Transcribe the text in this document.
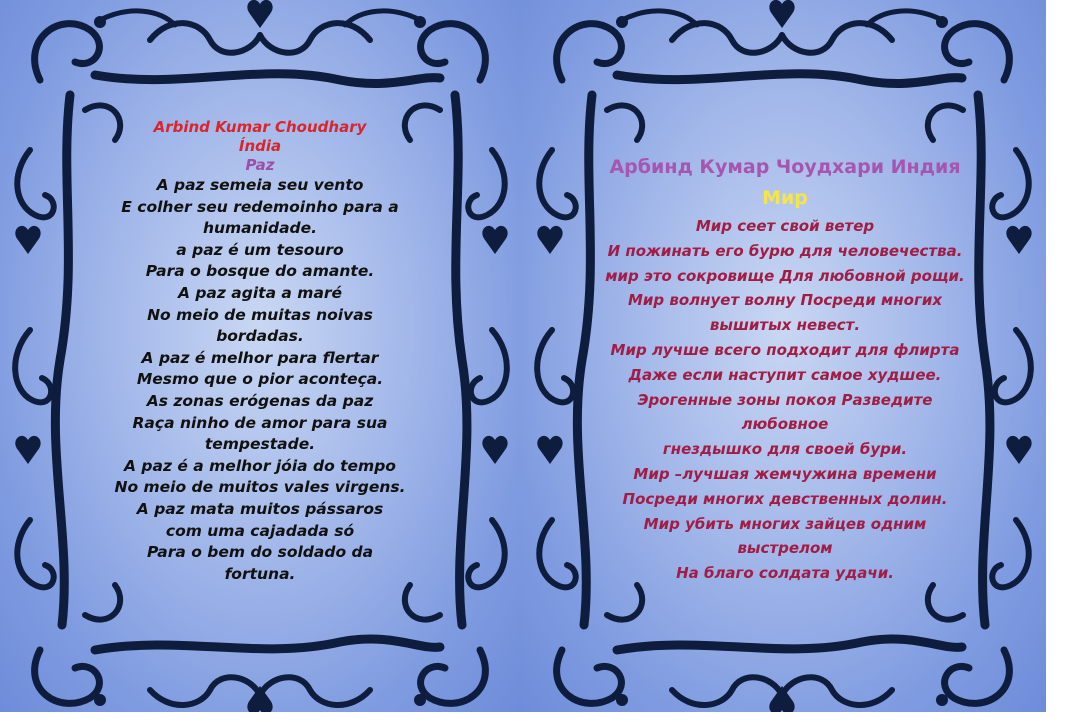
Arbind Kumar Choudhary
Índia
Paz
A paz semeia seu vento
E colher seu redemoinho para a
humanidade.
a paz é um tesouro
Para o bosque do amante.
A paz agita a maré
No meio de muitas noivas
bordadas.
A paz é melhor para flertar
Mesmo que o pior aconteça.
As zonas erógenas da paz
Raça ninho de amor para sua
tempestade.
A paz é a melhor jóia do tempo
No meio de muitos vales virgens.
A paz mata muitos pássaros
com uma cajadada só
Para o bem do soldado da
fortuna.
Арбинд Кумар Чоудхари Индия
Мир
Мир сеет свой ветер
И пожинать его бурю для человечества.
мир это сокровище Для любовной рощи.
Мир волнует волну Посреди многих
вышитых невест.
Мир лучше всего подходит для флирта
Даже если наступит самое худшее.
Эрогенные зоны покоя Разведите
любовное
гнездышко для своей бури.
Мир –лучшая жемчужина времени
Посреди многих девственных долин.
Мир убить многих зайцев одним
выстрелом
На благо солдата удачи.
